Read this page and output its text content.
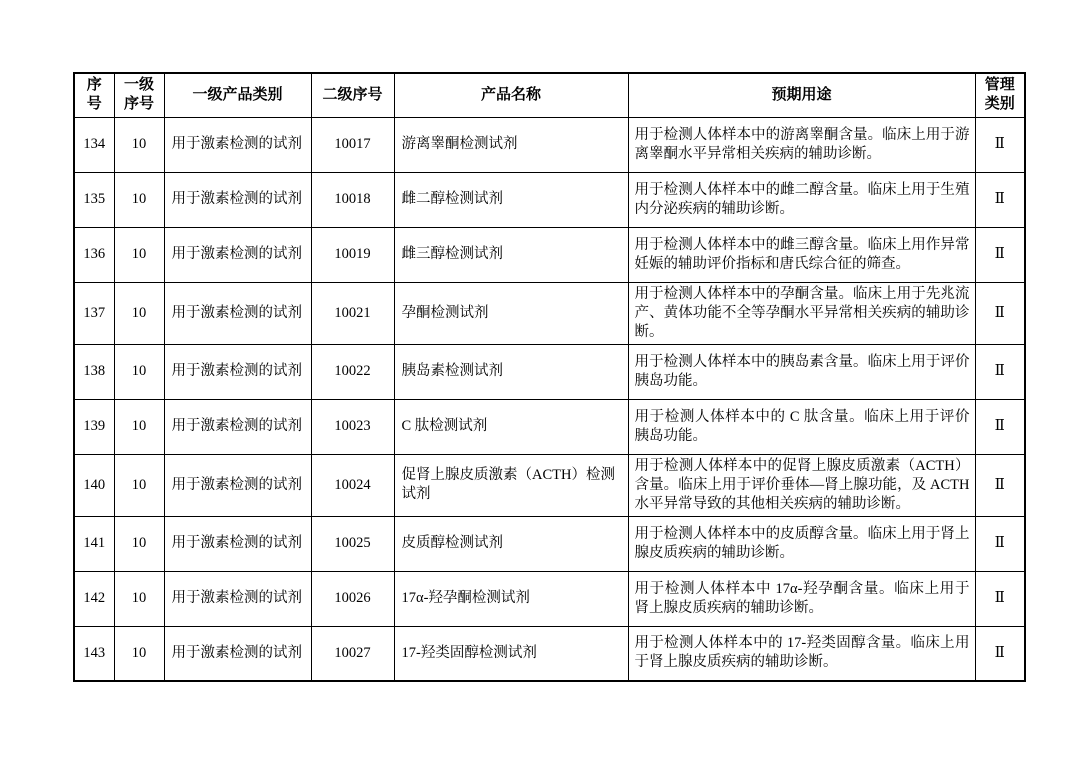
序号	一级序号	一级产品类别	二级序号	产品名称	预期用途	管理类别
134	10	用于激素检测的试剂	10017	游离睾酮检测试剂	用于检测人体样本中的游离睾酮含量。临床上用于游离睾酮水平异常相关疾病的辅助诊断。	Ⅱ
135	10	用于激素检测的试剂	10018	雌二醇检测试剂	用于检测人体样本中的雌二醇含量。临床上用于生殖内分泌疾病的辅助诊断。	Ⅱ
136	10	用于激素检测的试剂	10019	雌三醇检测试剂	用于检测人体样本中的雌三醇含量。临床上用作异常妊娠的辅助评价指标和唐氏综合征的筛查。	Ⅱ
137	10	用于激素检测的试剂	10021	孕酮检测试剂	用于检测人体样本中的孕酮含量。临床上用于先兆流产、黄体功能不全等孕酮水平异常相关疾病的辅助诊断。	Ⅱ
138	10	用于激素检测的试剂	10022	胰岛素检测试剂	用于检测人体样本中的胰岛素含量。临床上用于评价胰岛功能。	Ⅱ
139	10	用于激素检测的试剂	10023	C 肽检测试剂	用于检测人体样本中的 C 肽含量。临床上用于评价胰岛功能。	Ⅱ
140	10	用于激素检测的试剂	10024	促肾上腺皮质激素（ACTH）检测试剂	用于检测人体样本中的促肾上腺皮质激素（ACTH）含量。临床上用于评价垂体—肾上腺功能，及 ACTH 水平异常导致的其他相关疾病的辅助诊断。	Ⅱ
141	10	用于激素检测的试剂	10025	皮质醇检测试剂	用于检测人体样本中的皮质醇含量。临床上用于肾上腺皮质疾病的辅助诊断。	Ⅱ
142	10	用于激素检测的试剂	10026	17α-羟孕酮检测试剂	用于检测人体样本中 17α-羟孕酮含量。临床上用于肾上腺皮质疾病的辅助诊断。	Ⅱ
143	10	用于激素检测的试剂	10027	17-羟类固醇检测试剂	用于检测人体样本中的 17-羟类固醇含量。临床上用于肾上腺皮质疾病的辅助诊断。	Ⅱ
